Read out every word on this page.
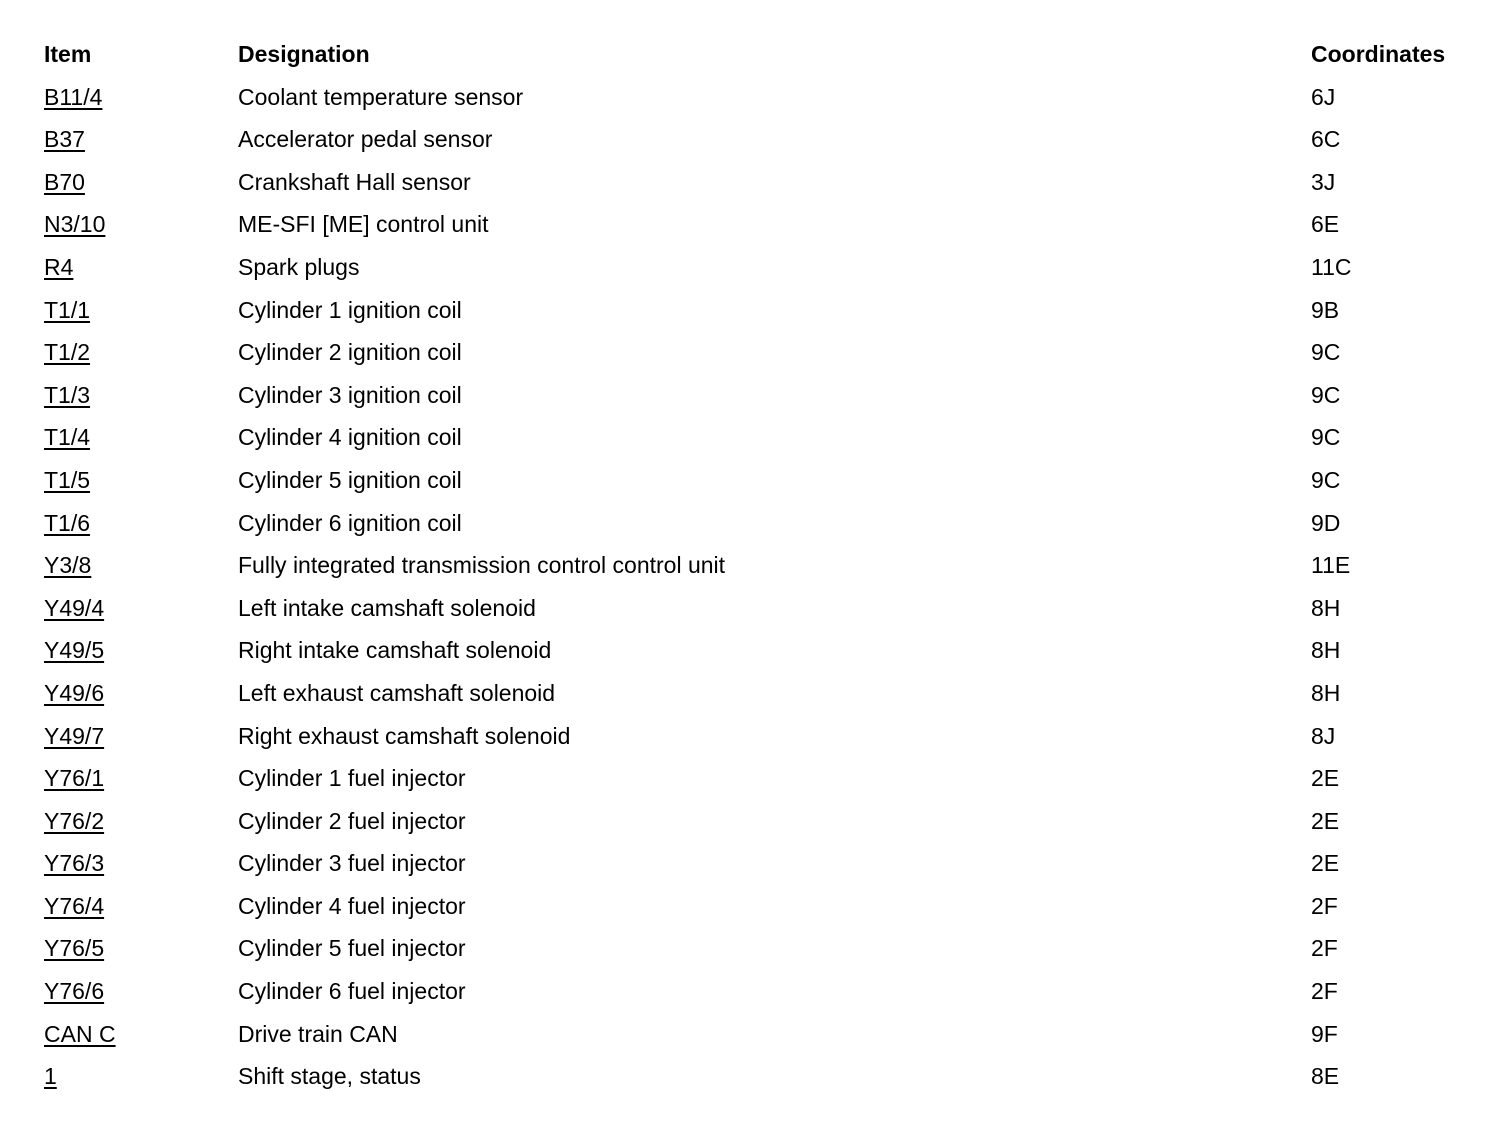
Item	Designation	Coordinates
B11/4	Coolant temperature sensor	6J
B37	Accelerator pedal sensor	6C
B70	Crankshaft Hall sensor	3J
N3/10	ME-SFI [ME] control unit	6E
R4	Spark plugs	11C
T1/1	Cylinder 1 ignition coil	9B
T1/2	Cylinder 2 ignition coil	9C
T1/3	Cylinder 3 ignition coil	9C
T1/4	Cylinder 4 ignition coil	9C
T1/5	Cylinder 5 ignition coil	9C
T1/6	Cylinder 6 ignition coil	9D
Y3/8	Fully integrated transmission control control unit	11E
Y49/4	Left intake camshaft solenoid	8H
Y49/5	Right intake camshaft solenoid	8H
Y49/6	Left exhaust camshaft solenoid	8H
Y49/7	Right exhaust camshaft solenoid	8J
Y76/1	Cylinder 1 fuel injector	2E
Y76/2	Cylinder 2 fuel injector	2E
Y76/3	Cylinder 3 fuel injector	2E
Y76/4	Cylinder 4 fuel injector	2F
Y76/5	Cylinder 5 fuel injector	2F
Y76/6	Cylinder 6 fuel injector	2F
CAN C	Drive train CAN	9F
1	Shift stage, status	8E
